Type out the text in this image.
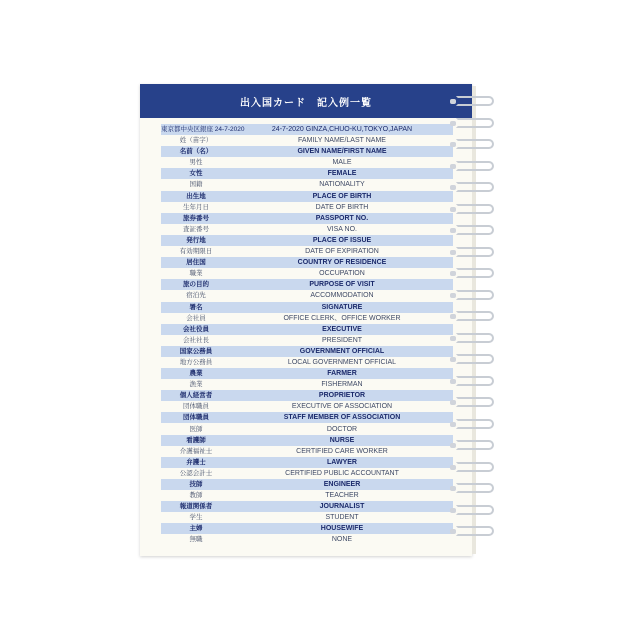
出入国カード　記入例一覧
東京都中央区銀座 24-7-2020	24-7-2020 GINZA,CHUO-KU,TOKYO,JAPAN
姓（苗字）	FAMILY NAME/LAST NAME
名前（名）	GIVEN NAME/FIRST NAME
男性	MALE
女性	FEMALE
国籍	NATIONALITY
出生地	PLACE OF BIRTH
生年月日	DATE OF BIRTH
旅券番号	PASSPORT NO.
査証番号	VISA NO.
発行地	PLACE OF ISSUE
有効期限日	DATE OF EXPIRATION
居住国	COUNTRY OF RESIDENCE
職業	OCCUPATION
旅の目的	PURPOSE OF VISIT
宿泊先	ACCOMMODATION
署名	SIGNATURE
会社員	OFFICE CLERK、OFFICE WORKER
会社役員	EXECUTIVE
会社社長	PRESIDENT
国家公務員	GOVERNMENT OFFICIAL
地方公務員	LOCAL GOVERNMENT OFFICIAL
農業	FARMER
漁業	FISHERMAN
個人経営者	PROPRIETOR
団体職員	EXECUTIVE OF ASSOCIATION
団体職員	STAFF MEMBER OF ASSOCIATION
医師	DOCTOR
看護師	NURSE
介護福祉士	CERTIFIED CARE WORKER
弁護士	LAWYER
公認会計士	CERTIFIED PUBLIC ACCOUNTANT
技師	ENGINEER
教師	TEACHER
報道関係者	JOURNALIST
学生	STUDENT
主婦	HOUSEWIFE
無職	NONE
